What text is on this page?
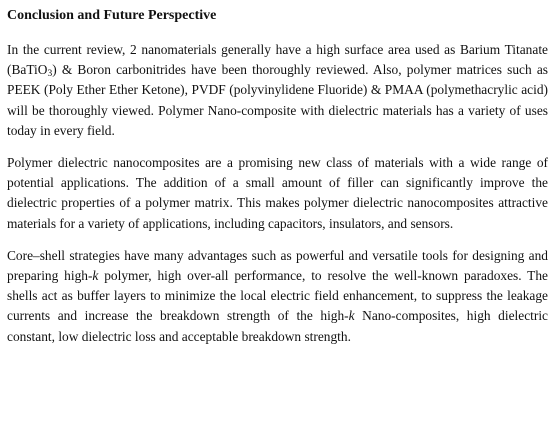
Conclusion and Future Perspective

In the current review, 2 nanomaterials generally have a high surface area used as Barium Titanate (BaTiO$_3$) & Boron carbonitrides have been thoroughly reviewed. Also, polymer matrices such as PEEK (Poly Ether Ether Ketone), PVDF (polyvinylidene Fluoride) & PMAA (polymethacrylic acid) will be thoroughly viewed. Polymer Nano-composite with dielectric materials has a variety of uses today in every field.

Polymer dielectric nanocomposites are a promising new class of materials with a wide range of potential applications. The addition of a small amount of filler can significantly improve the dielectric properties of a polymer matrix. This makes polymer dielectric nanocomposites attractive materials for a variety of applications, including capacitors, insulators, and sensors.

Core–shell strategies have many advantages such as powerful and versatile tools for designing and preparing high-k polymer, high over-all performance, to resolve the well-known paradoxes. The shells act as buffer layers to minimize the local electric field enhancement, to suppress the leakage currents and increase the breakdown strength of the high-k Nano-composites, high dielectric constant, low dielectric loss and acceptable breakdown strength.
